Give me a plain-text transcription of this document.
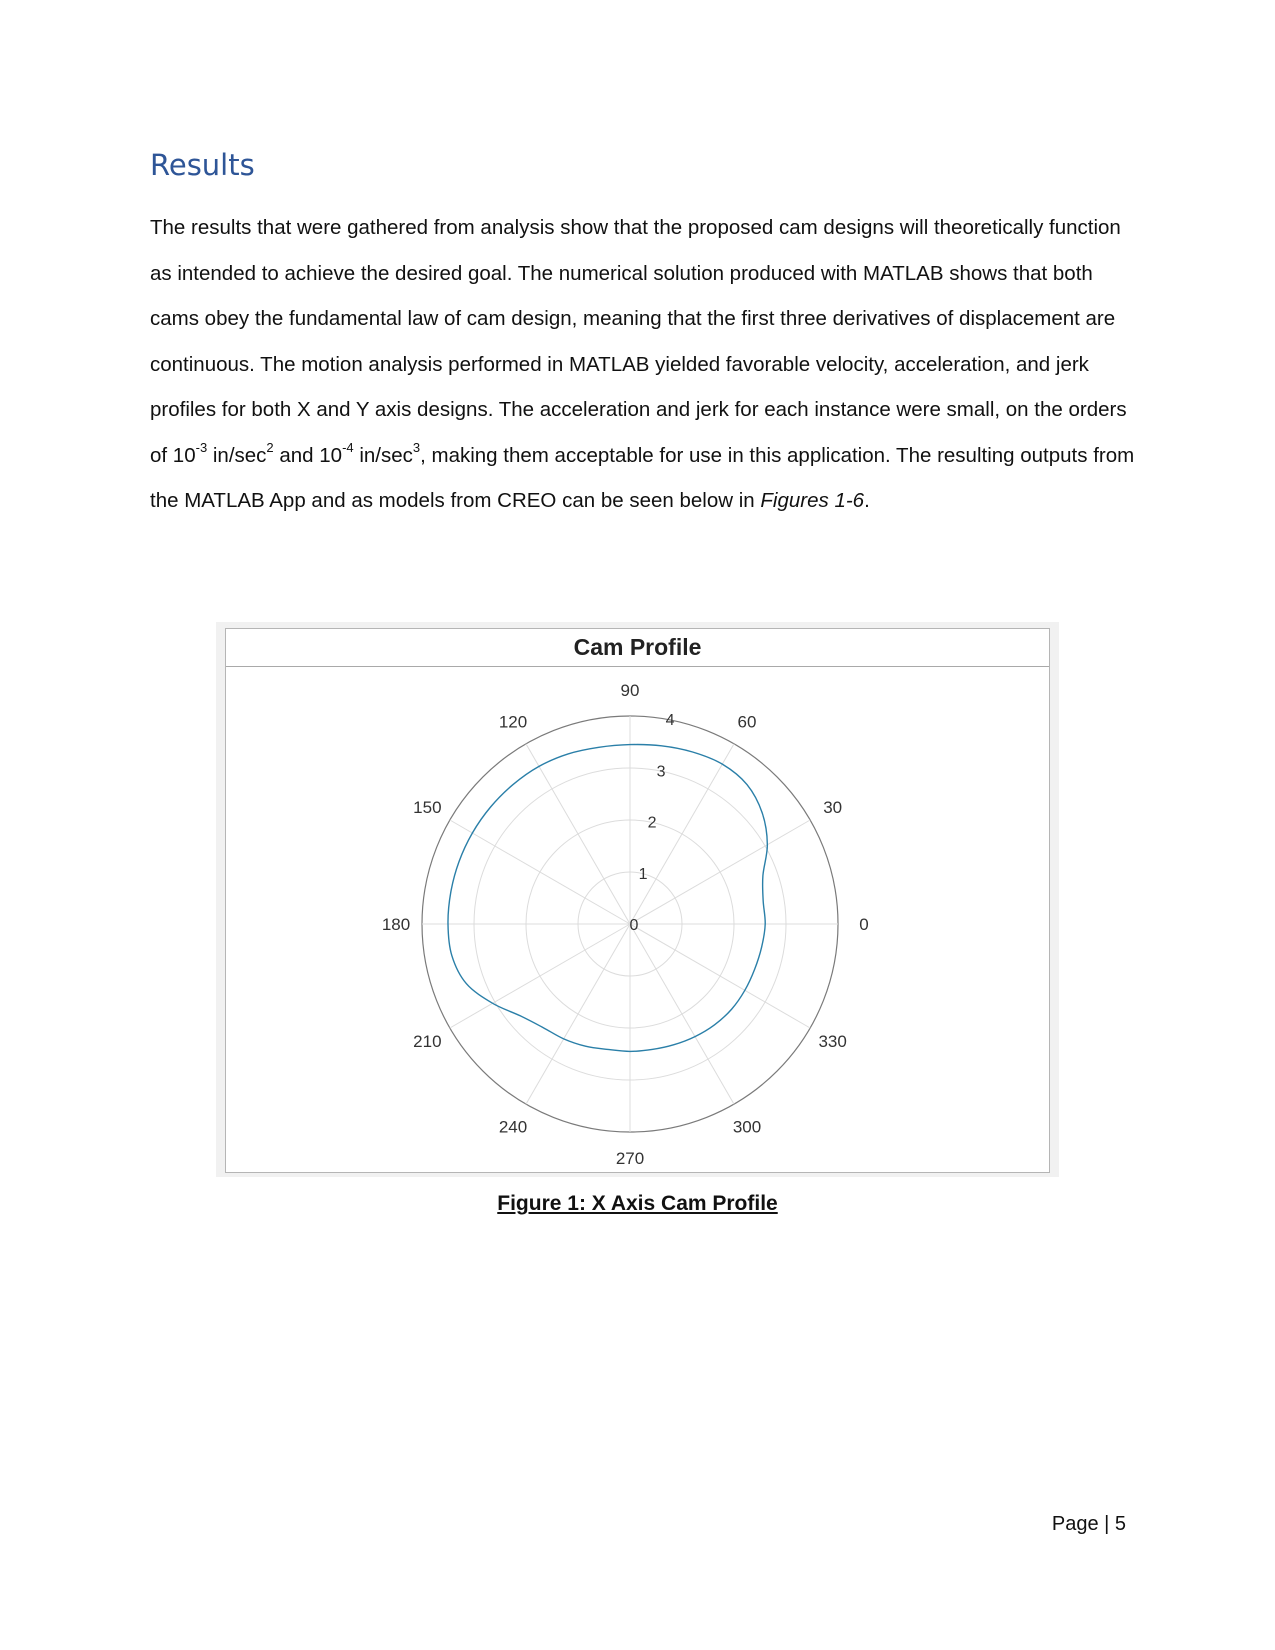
Results

The results that were gathered from analysis show that the proposed cam designs will theoretically function as intended to achieve the desired goal. The numerical solution produced with MATLAB shows that both cams obey the fundamental law of cam design, meaning that the first three derivatives of displacement are continuous. The motion analysis performed in MATLAB yielded favorable velocity, acceleration, and jerk profiles for both X and Y axis designs. The acceleration and jerk for each instance were small, on the orders of $10^{-3}$ $in/\sec^2$ and $10^{-4}$ $in/\sec^3$, making them acceptable for use in this application. The resulting outputs from the MATLAB App and as models from CREO can be seen below in Figures 1-6.

Cam Profile
0
1
2
3
4
0
30
60
90
120
150
180
210
240
270
300
330
Figure 1: X Axis Cam Profile
Page | 5
